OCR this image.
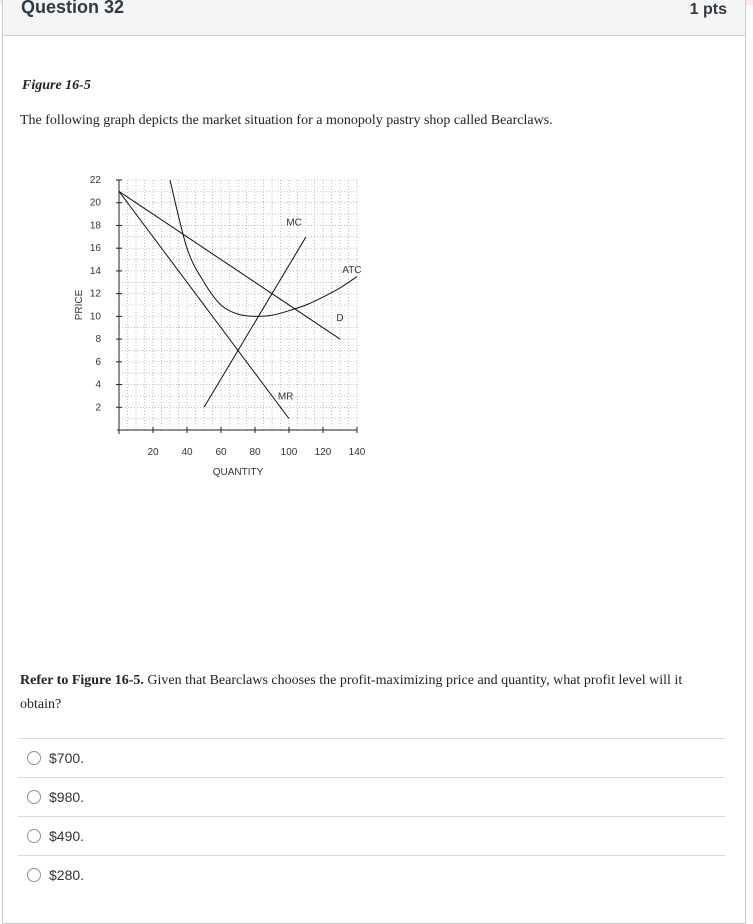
Question 32	1 pts
Figure 16-5
The following graph depicts the market situation for a monopoly pastry shop called Bearclaws.
2
4
6
8
10
12
14
16
18
20
22
20 40 60 80 100 120 140
QUANTITY
PRICE
MC
ATC
D
MR
Refer to Figure 16-5. Given that Bearclaws chooses the profit-maximizing price and quantity, what profit level will it obtain?
$700.
$980.
$490.
$280.
